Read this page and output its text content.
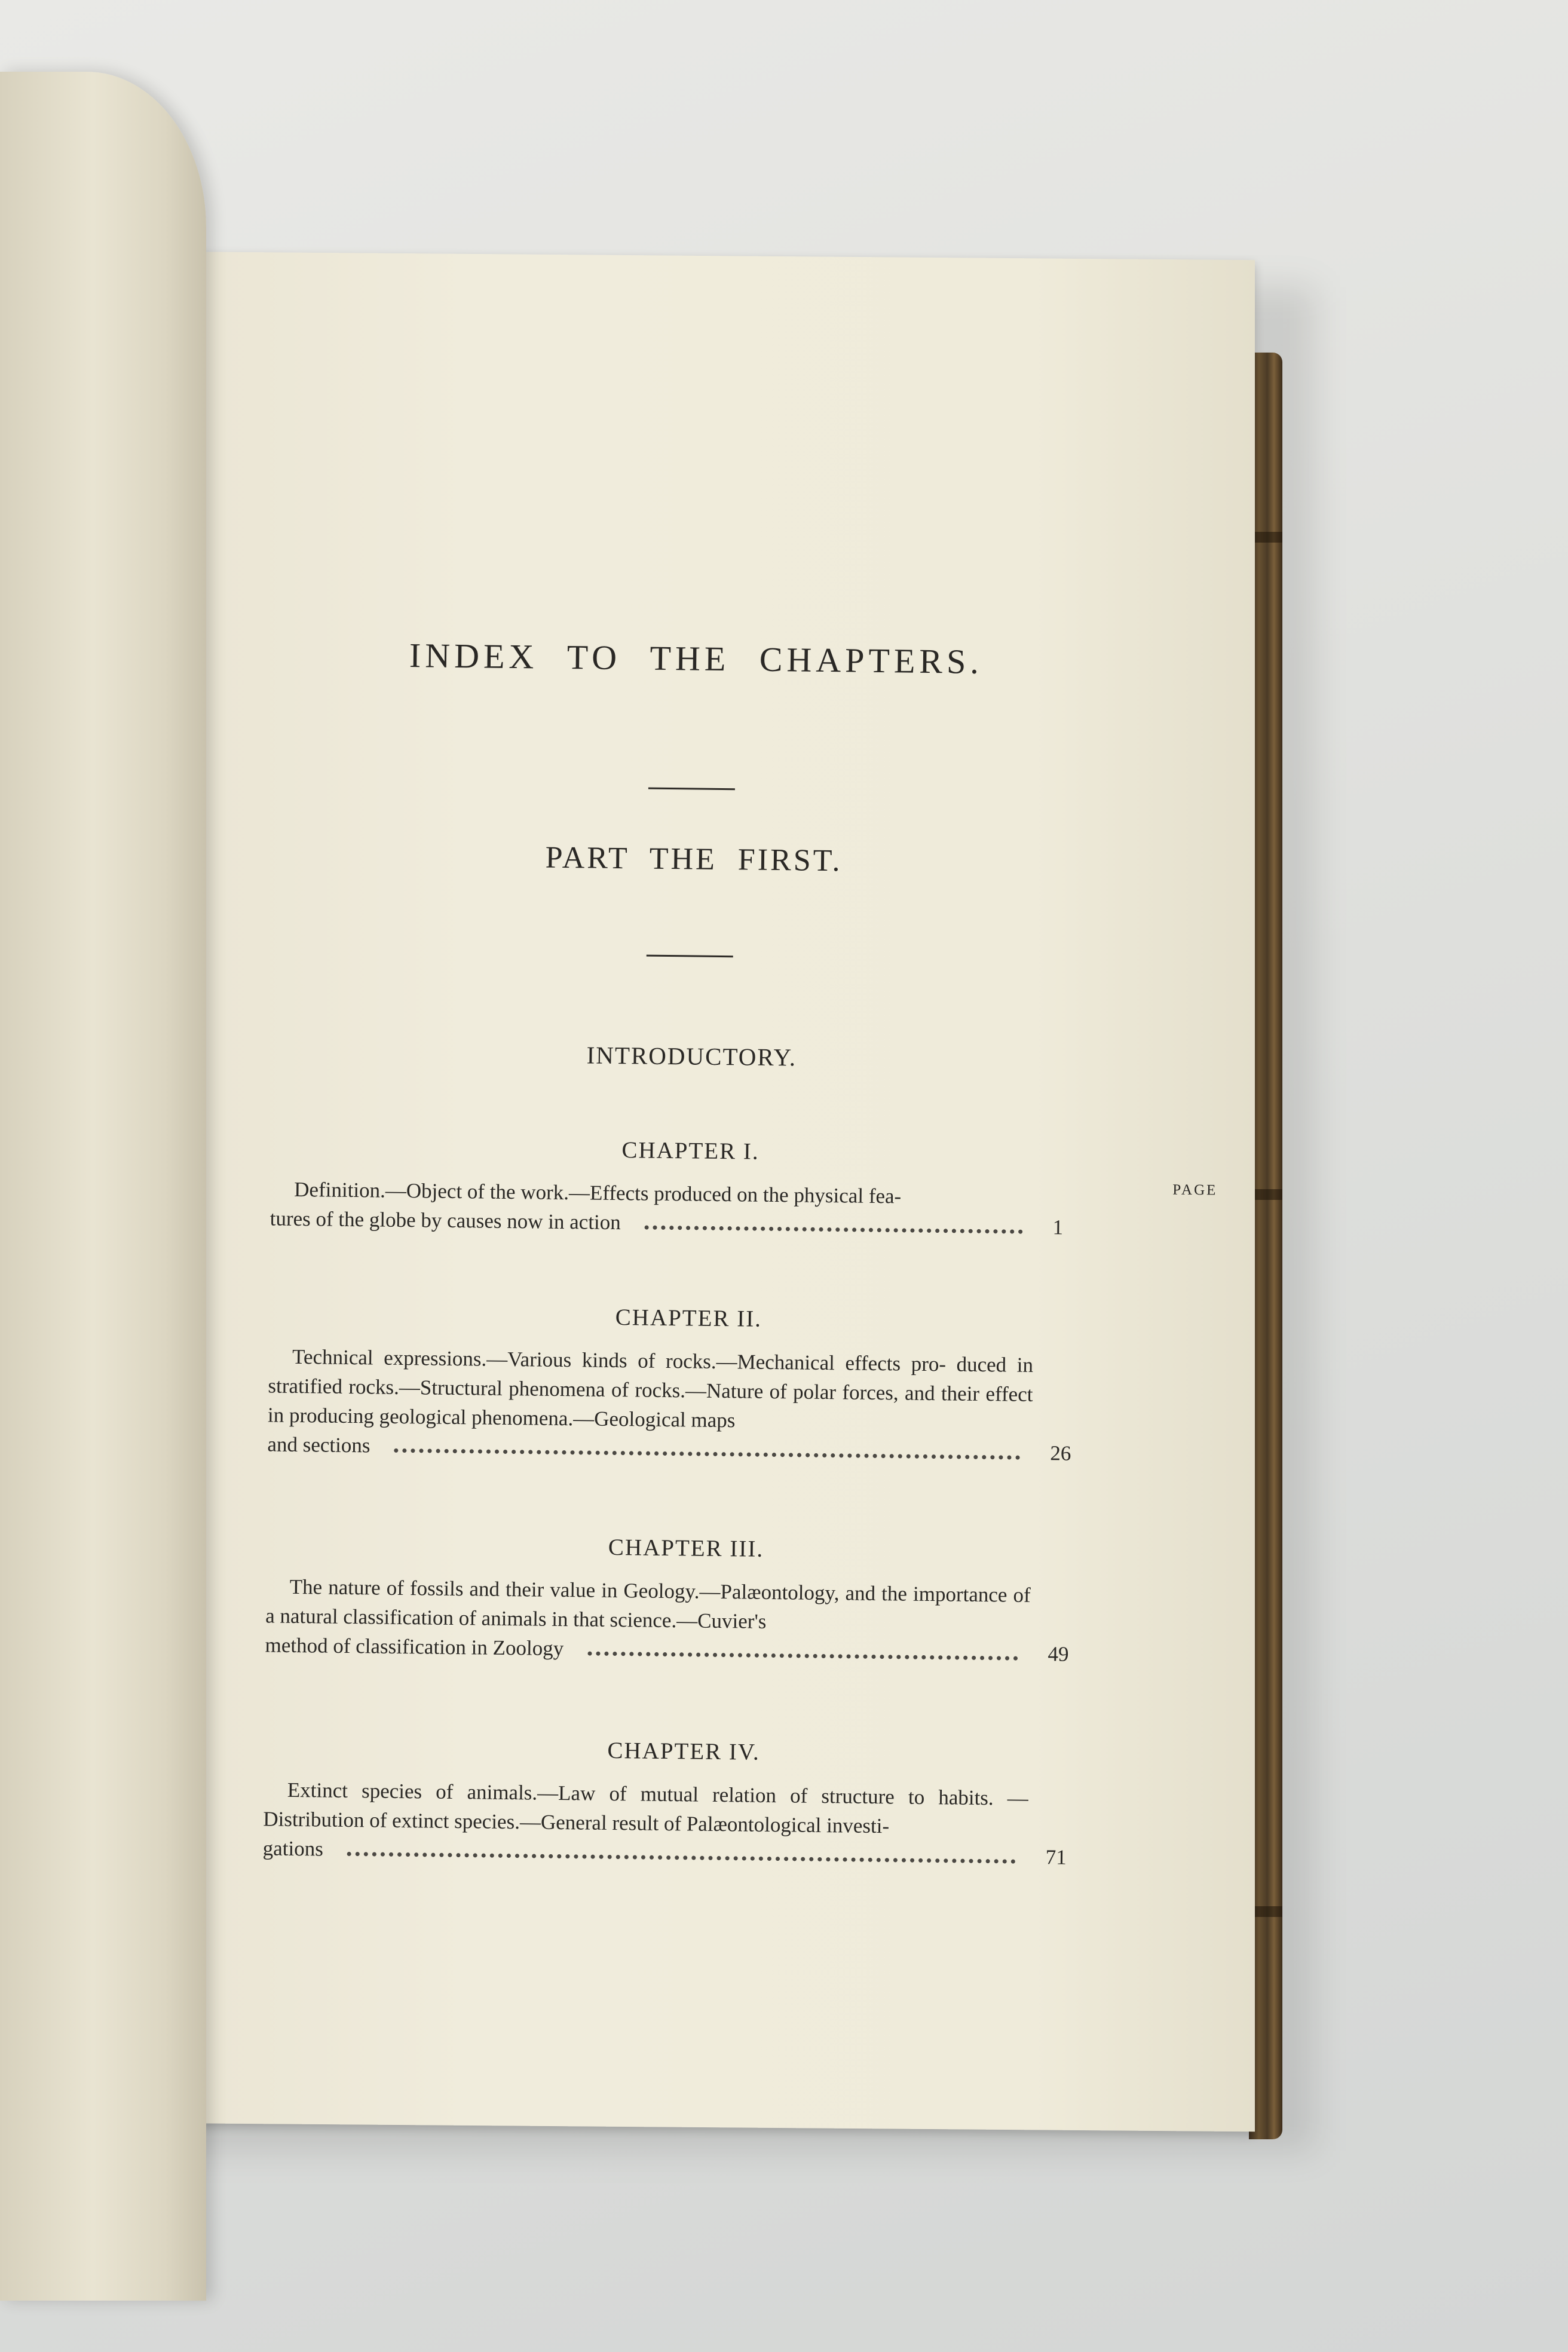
INDEX TO THE CHAPTERS.
PART THE FIRST.
INTRODUCTORY.
CHAPTER I.
PAGE

Definition.—Object of the work.—Effects produced on the physical fea-

tures of the globe by causes now in action	1
CHAPTER II.

Technical expressions.—Various kinds of rocks.—Mechanical effects pro- duced in stratified rocks.—Structural phenomena of rocks.—Nature of polar forces, and their effect in producing geological phenomena.—Geological maps

and sections	26
CHAPTER III.

The nature of fossils and their value in Geology.—Palæontology, and the importance of a natural classification of animals in that science.—Cuvier's

method of classification in Zoology	49
CHAPTER IV.

Extinct species of animals.—Law of mutual relation of structure to habits. —Distribution of extinct species.—General result of Palæontological investi-

gations	71
